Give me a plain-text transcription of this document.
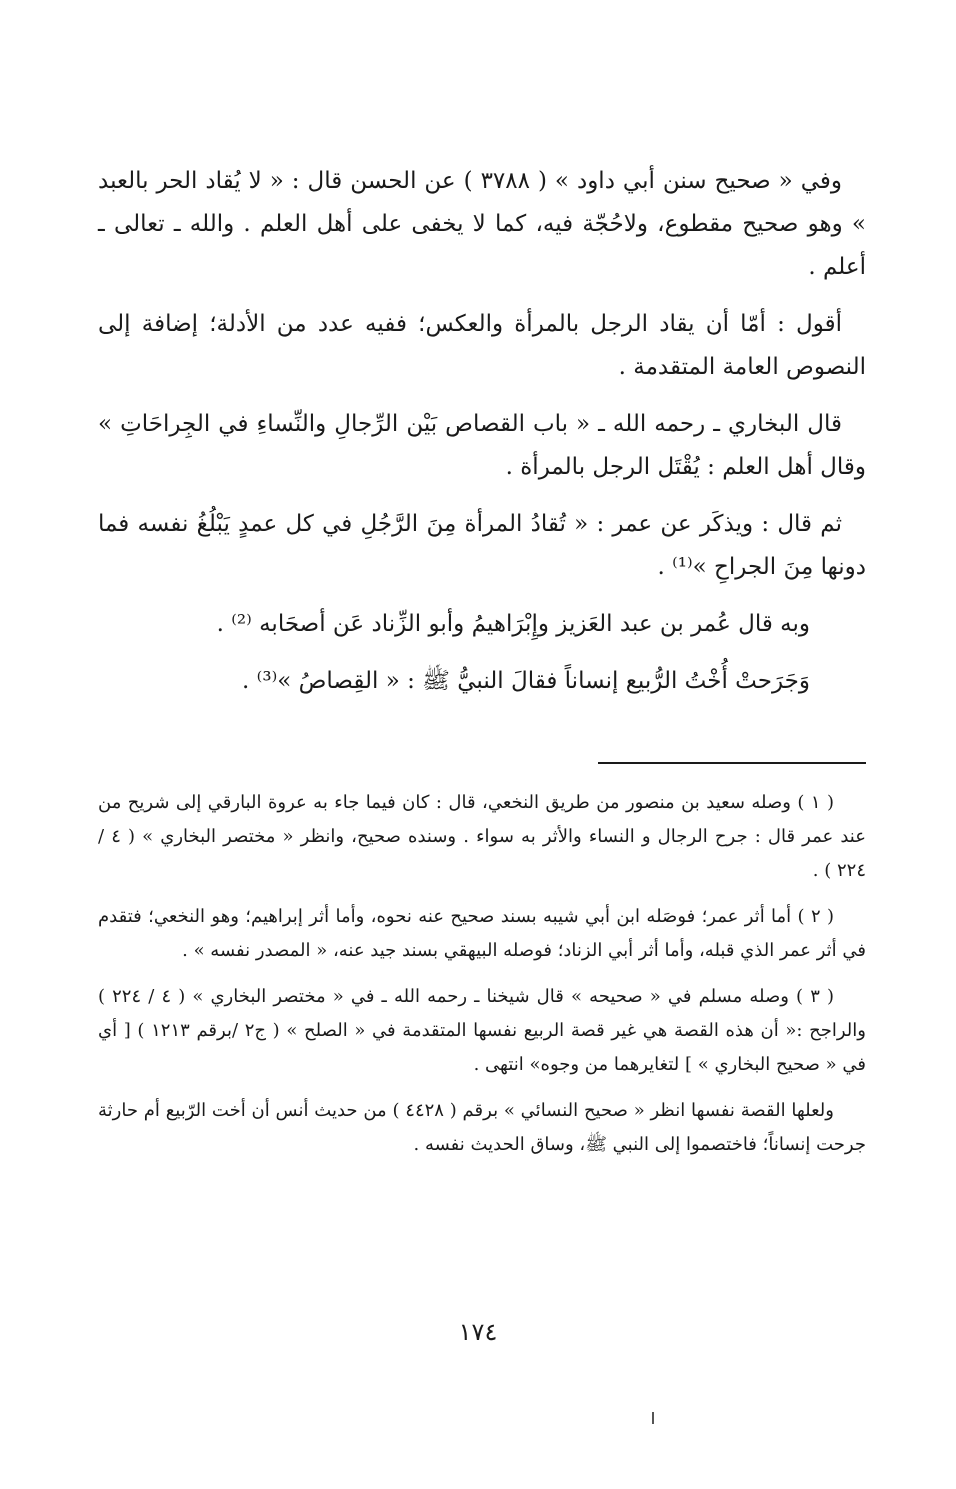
وفي « صحيح سنن أبي داود » ( ٣٧٨٨ ) عن الحسن قال : « لا يُقاد الحر بالعبد » وهو صحيح مقطوع، ولاحُجّة فيه، كما لا يخفى على أهل العلم . والله ـ تعالى ـ أعلم .

أقول : أمّا أن يقاد الرجل بالمرأة والعكس؛ ففيه عدد من الأدلة؛ إضافة إلى النصوص العامة المتقدمة .

قال البخاري ـ رحمه الله ـ « باب القصاص بَيْن الرِّجالِ والنِّساءِ في الجِراحَاتِ » وقال أهل العلم : يُقْتَل الرجل بالمرأة .

ثم قال : ويذكَر عن عمر : « تُقادُ المرأة مِنَ الرَّجُلِ في كل عمدٍ يَبْلُغُ نفسه فما دونها مِنَ الجراحِ »⁽¹⁾ .

وبه قال عُمر بن عبد العَزيز وإِبْرَاهيمُ وأبو الزِّناد عَن أصحَابه ⁽²⁾ .

وَجَرَحتْ أُخْتُ الرُّبيع إنساناً فقالَ النبيُّ ﷺ : « القِصاصُ »⁽³⁾ .

( ١ ) وصله سعيد بن منصور من طريق النخعي، قال : كان فيما جاء به عروة البارقي إلى شريح من عند عمر قال : جرح الرجال و النساء والأثر به سواء . وسنده صحيح، وانظر « مختصر البخاري » ( ٤ / ٢٢٤ ) .

( ٢ ) أما أثر عمر؛ فوصَله ابن أبي شيبه بسند صحيح عنه نحوه، وأما أثر إبراهيم؛ وهو النخعي؛ فتقدم في أثر عمر الذي قبله، وأما أثر أبي الزناد؛ فوصله البيهقي بسند جيد عنه، « المصدر نفسه » .

( ٣ ) وصله مسلم في « صحيحه » قال شيخنا ـ رحمه الله ـ في « مختصر البخاري » ( ٤ / ٢٢٤ ) والراجح :« أن هذه القصة هي غير قصة الربيع نفسها المتقدمة في « الصلح » ( ج٢ /برقم ١٢١٣ ) [ أي في « صحيح البخاري » ] لتغايرهما من وجوه» انتهى .

ولعلها القصة نفسها انظر « صحيح النسائي » برقم ( ٤٤٢٨ ) من حديث أنس أن أخت الرّبيع أم حارثة جرحت إنساناً؛ فاختصموا إلى النبي ﷺ، وساق الحديث نفسه .

١٧٤
